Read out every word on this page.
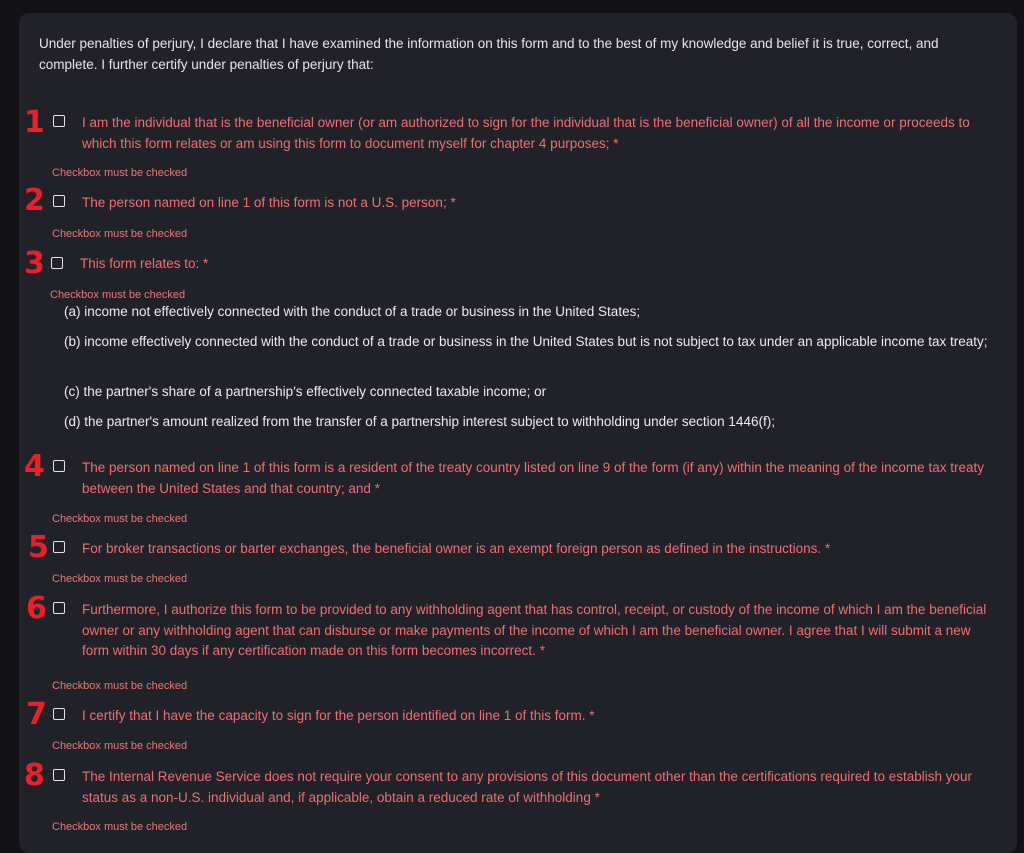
Under penalties of perjury, I declare that I have examined the information on this form and to the best of my knowledge and belief it is true, correct, and complete. I further certify under penalties of perjury that:
1	I am the individual that is the beneficial owner (or am authorized to sign for the individual that is the beneficial owner) of all the income or proceeds to which this form relates or am using this form to document myself for chapter 4 purposes; *
Checkbox must be checked
2	The person named on line 1 of this form is not a U.S. person; *
Checkbox must be checked
3	This form relates to: *
Checkbox must be checked
(a) income not effectively connected with the conduct of a trade or business in the United States;
(b) income effectively connected with the conduct of a trade or business in the United States but is not subject to tax under an applicable income tax treaty;
(c) the partner's share of a partnership's effectively connected taxable income; or
(d) the partner's amount realized from the transfer of a partnership interest subject to withholding under section 1446(f);
4	The person named on line 1 of this form is a resident of the treaty country listed on line 9 of the form (if any) within the meaning of the income tax treaty between the United States and that country; and *
Checkbox must be checked
5 For broker transactions or barter exchanges, the beneficial owner is an exempt foreign person as defined in the instructions. *
Checkbox must be checked
6	Furthermore, I authorize this form to be provided to any withholding agent that has control, receipt, or custody of the income of which I am the beneficial owner or any withholding agent that can disburse or make payments of the income of which I am the beneficial owner. I agree that I will submit a new form within 30 days if any certification made on this form becomes incorrect. *
Checkbox must be checked
7	I certify that I have the capacity to sign for the person identified on line 1 of this form. *
Checkbox must be checked
8	The Internal Revenue Service does not require your consent to any provisions of this document other than the certifications required to establish your status as a non-U.S. individual and, if applicable, obtain a reduced rate of withholding *
Checkbox must be checked
